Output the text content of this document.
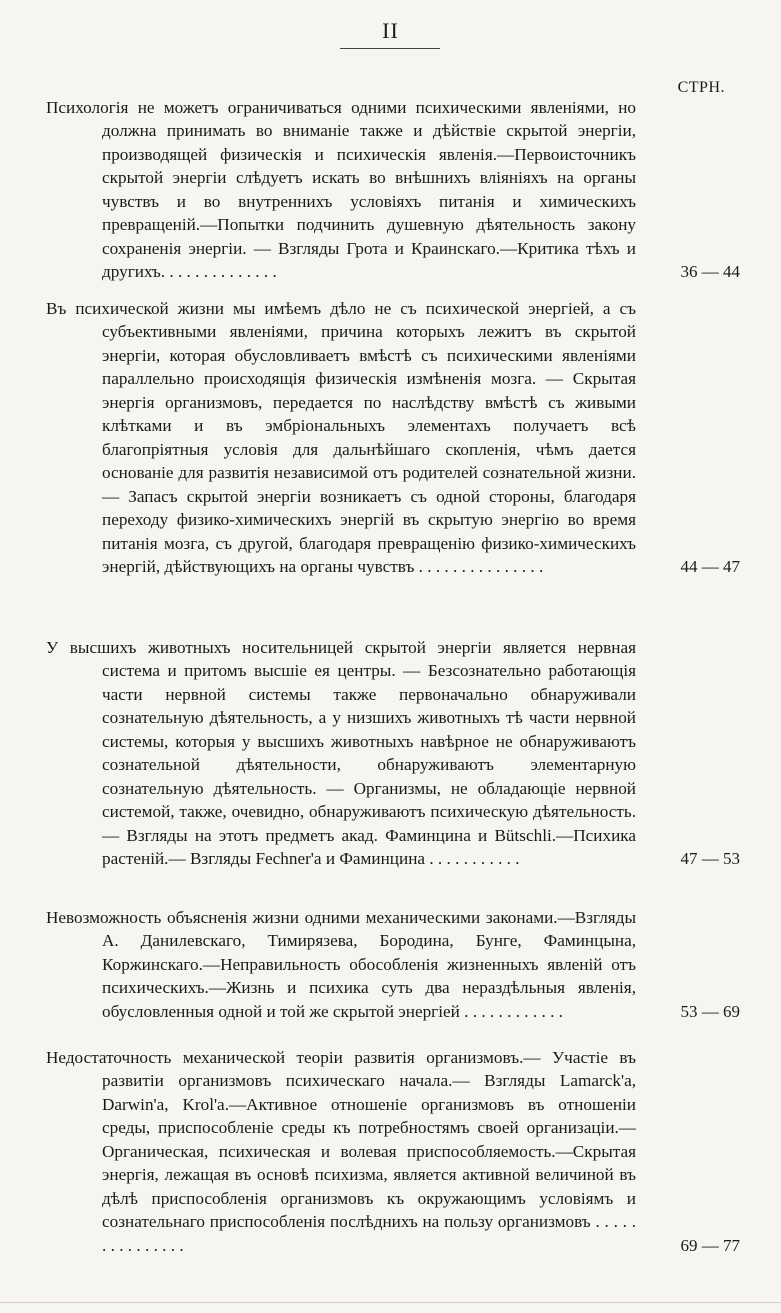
II
СТРН.

Психологія не можетъ ограничиваться одними психическими явленіями, но должна принимать во вниманіе также и дѣйствіе скрытой энергіи, производящей физическія и психическія явленія.—Первоисточникъ скрытой энергіи слѣдуетъ искать во внѣшнихъ вліяніяхъ на органы чувствъ и во внутреннихъ условіяхъ питанія и химическихъ превращеній.—Попытки подчинить душевную дѣятельность закону сохраненія энергіи. — Взгляды Грота и Краинскаго.—Критика тѣхъ и другихъ. . . . . . . . . . . . . .	36 — 44

Въ психической жизни мы имѣемъ дѣло не съ психической энергіей, а съ субъективными явленіями, причина которыхъ лежитъ въ скрытой энергіи, которая обусловливаетъ вмѣстѣ съ психическими явленіями параллельно происходящія физическія измѣненія мозга. — Скрытая энергія организмовъ, передается по наслѣдству вмѣстѣ съ живыми клѣтками и въ эмбріональныхъ элементахъ получаетъ всѣ благопріятныя условія для дальнѣйшаго скопленія, чѣмъ дается основаніе для развитія независимой отъ родителей сознательной жизни. — Запасъ скрытой энергіи возникаетъ съ одной стороны, благодаря переходу физико-химическихъ энергій въ скрытую энергію во время питанія мозга, съ другой, благодаря превращенію физико-химическихъ энергій, дѣйствующихъ на органы чувствъ . . . . . . . . . . . . . . .	44 — 47

У высшихъ животныхъ носительницей скрытой энергіи является нервная система и притомъ высшіе ея центры. — Безсознательно работающія части нервной системы также первоначально обнаруживали сознательную дѣятельность, а у низшихъ животныхъ тѣ части нервной системы, которыя у высшихъ животныхъ навѣрное не обнаруживаютъ сознательной дѣятельности, обнаруживаютъ элементарную сознательную дѣятельность. — Организмы, не обладающіе нервной системой, также, очевидно, обнаруживаютъ психическую дѣятельность. — Взгляды на этотъ предметъ акад. Фаминцина и Bütschli.—Психика растеній.— Взгляды Fechner'a и Фаминцина . . . . . . . . . . .	47 — 53

Невозможность объясненія жизни одними механическими законами.—Взгляды А. Данилевскаго, Тимирязева, Бородина, Бунге, Фаминцына, Коржинскаго.—Неправильность обособленія жизненныхъ явленій отъ психическихъ.—Жизнь и психика суть два нераздѣльныя явленія, обусловленныя одной и той же скрытой энергіей . . . . . . . . . . . .	53 — 69

Недостаточность механической теоріи развитія организмовъ.— Участіе въ развитіи организмовъ психическаго начала.— Взгляды Lamarck'a, Darwin'a, Krol'a.—Активное отношеніе организмовъ въ отношеніи среды, приспособленіе среды къ потребностямъ своей организаціи.—Органическая, психическая и волевая приспособляемость.—Скрытая энергія, лежащая въ основѣ психизма, является активной величиной въ дѣлѣ приспособленія организмовъ къ окружающимъ условіямъ и сознательнаго приспособленія послѣднихъ на пользу организмовъ . . . . . . . . . . . . . . .	69 — 77
